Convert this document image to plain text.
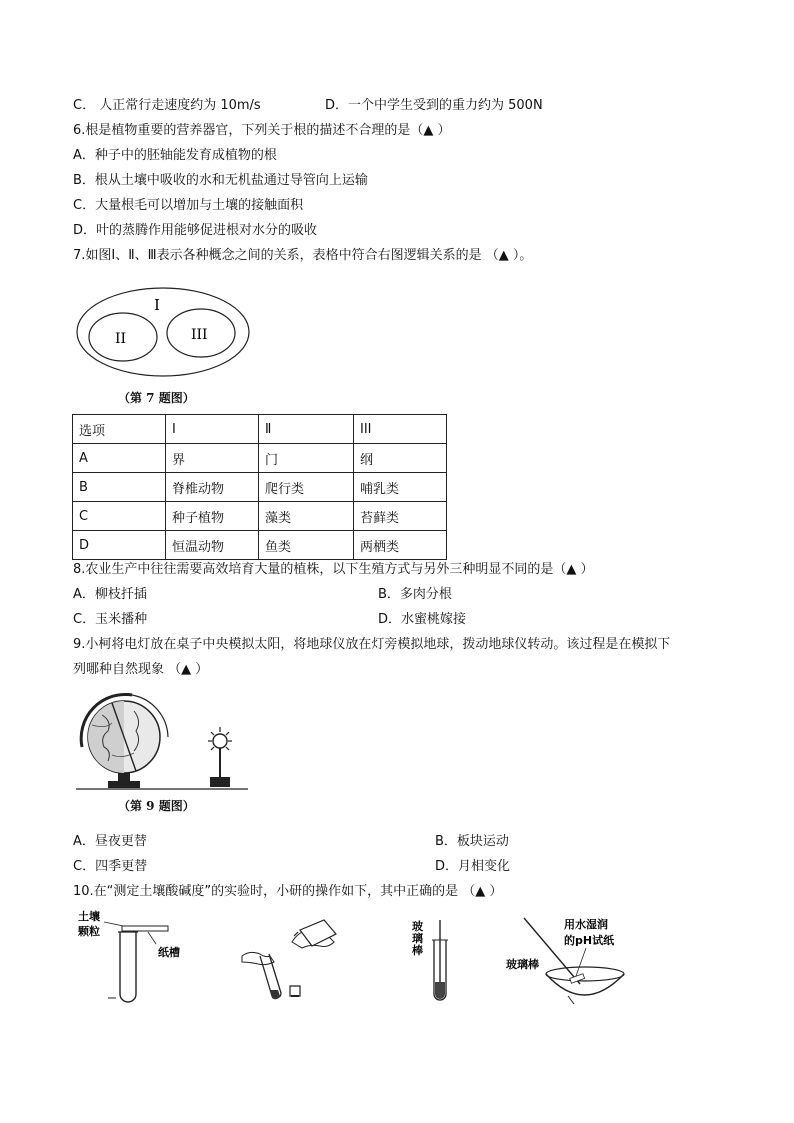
C． 人正常行走速度约为 10m/s	D．一个中学生受到的重力约为 500N
6.根是植物重要的营养器官，下列关于根的描述不合理的是（▲ ）
A．种子中的胚轴能发育成植物的根
B．根从土壤中吸收的水和无机盐通过导管向上运输
C．大量根毛可以增加与土壤的接触面积
D．叶的蒸腾作用能够促进根对水分的吸收
7.如图Ⅰ、Ⅱ、Ⅲ表示各种概念之间的关系，表格中符合右图逻辑关系的是 （▲ ）。
I
II	III
（第 7 题图）
选项	I	Ⅱ	III
A	界	门	纲
B	脊椎动物	爬行类	哺乳类
C	种子植物	藻类	苔藓类
D	恒温动物	鱼类	两栖类
8.农业生产中往往需要高效培育大量的植株，以下生殖方式与另外三种明显不同的是（▲ ）
A．柳枝扦插	B．多肉分根
C．玉米播种	D．水蜜桃嫁接
9.小柯将电灯放在桌子中央模拟太阳，将地球仪放在灯旁模拟地球，拨动地球仪转动。该过程是在模拟下
列哪种自然现象 （▲ ）
（第 9 题图）
A．昼夜更替	B．板块运动
C．四季更替	D．月相变化
10.在“测定土壤酸碱度”的实验时，小研的操作如下，其中正确的是 （▲ ）
土壤
颗粒
纸槽
玻
璃
棒
用水湿润
的pH试纸
玻璃棒
